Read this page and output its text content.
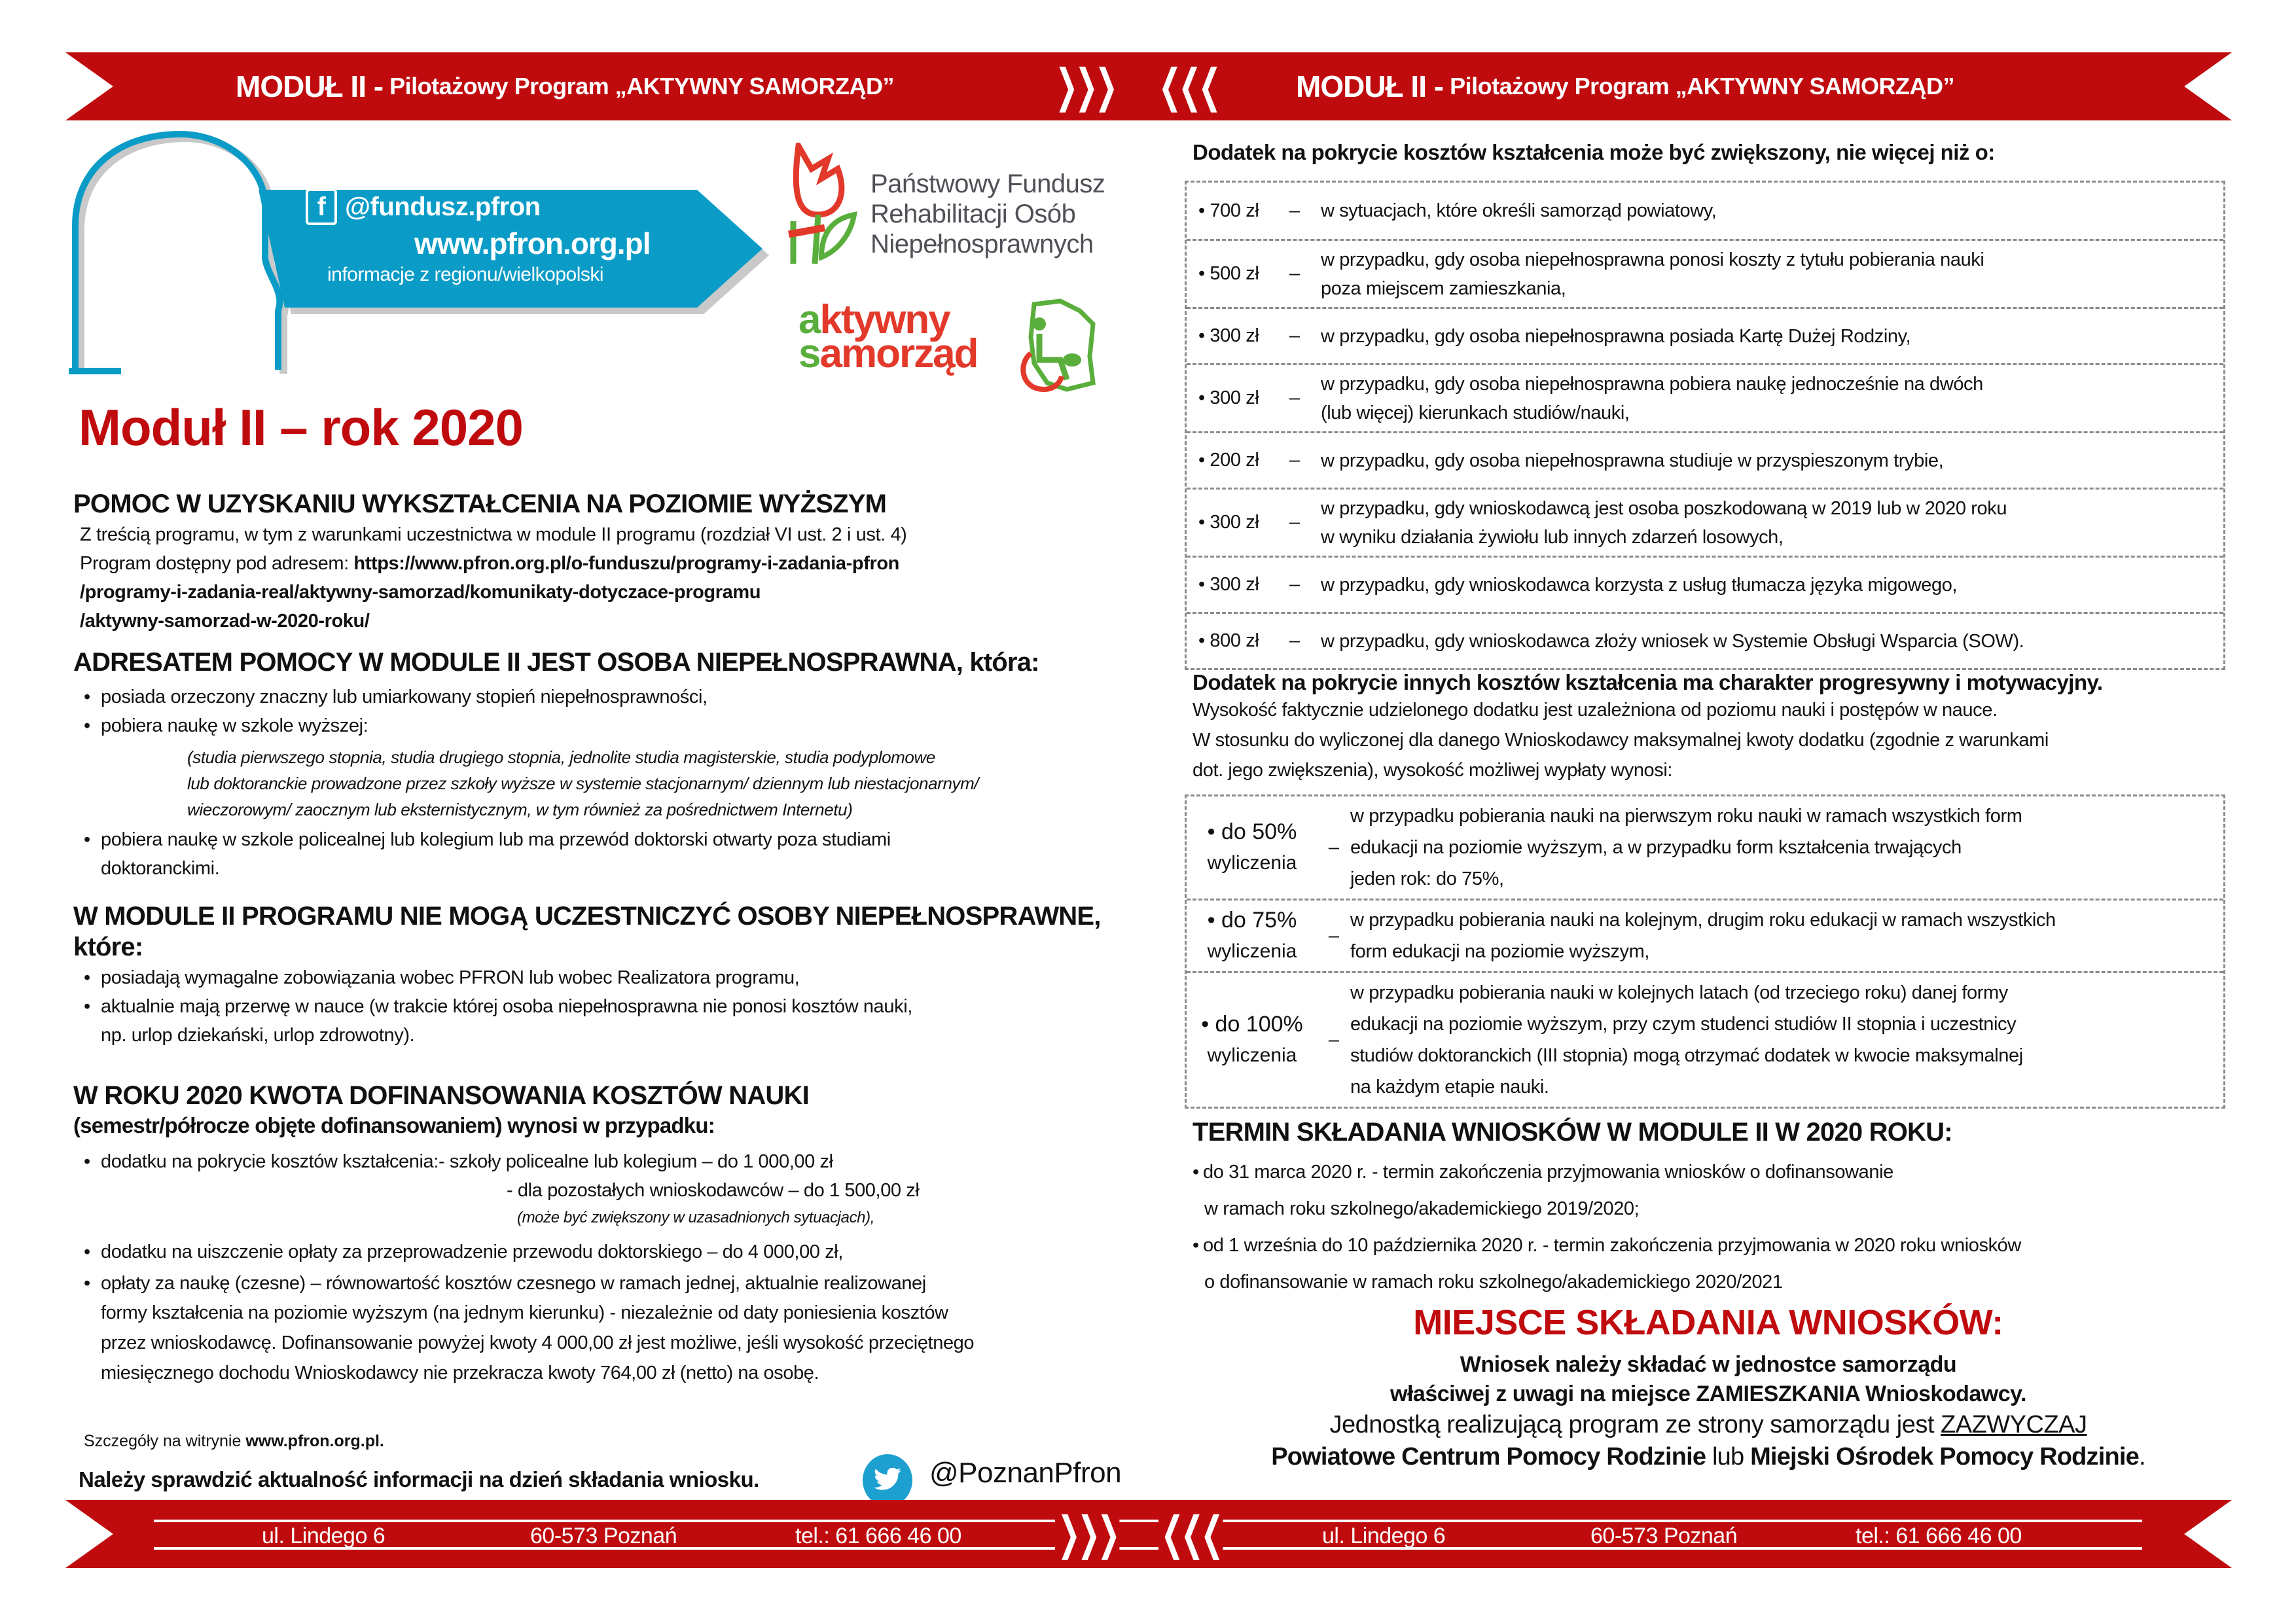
MODUŁ II - Pilotażowy Program „AKTYWNY SAMORZĄD”	❯❯❯ ❮❮❮	MODUŁ II - Pilotażowy Program „AKTYWNY SAMORZĄD”
f @fundusz.pfron
www.pfron.org.pl
informacje z regionu/wielkopolski
Państwowy Fundusz
Rehabilitacji Osób
Niepełnosprawnych
aktywny
samorząd
Moduł II – rok 2020
POMOC W UZYSKANIU WYKSZTAŁCENIA NA POZIOMIE WYŻSZYM
Z treścią programu, w tym z warunkami uczestnictwa w module II programu (rozdział VI ust. 2 i ust. 4)
Program dostępny pod adresem: https://www.pfron.org.pl/o-funduszu/programy-i-zadania-pfron
/programy-i-zadania-real/aktywny-samorzad/komunikaty-dotyczace-programu
/aktywny-samorzad-w-2020-roku/
ADRESATEM POMOCY W MODULE II JEST OSOBA NIEPEŁNOSPRAWNA, która:
• posiada orzeczony znaczny lub umiarkowany stopień niepełnosprawności,
• pobiera naukę w szkole wyższej:
(studia pierwszego stopnia, studia drugiego stopnia, jednolite studia magisterskie, studia podyplomowe
lub doktoranckie prowadzone przez szkoły wyższe w systemie stacjonarnym/ dziennym lub niestacjonarnym/
wieczorowym/ zaocznym lub eksternistycznym, w tym również za pośrednictwem Internetu)
• pobiera naukę w szkole policealnej lub kolegium lub ma przewód doktorski otwarty poza studiami
doktoranckimi.
W MODULE II PROGRAMU NIE MOGĄ UCZESTNICZYĆ OSOBY NIEPEŁNOSPRAWNE,
które:
• posiadają wymagalne zobowiązania wobec PFRON lub wobec Realizatora programu,
• aktualnie mają przerwę w nauce (w trakcie której osoba niepełnosprawna nie ponosi kosztów nauki,
np. urlop dziekański, urlop zdrowotny).
W ROKU 2020 KWOTA DOFINANSOWANIA KOSZTÓW NAUKI
(semestr/półrocze objęte dofinansowaniem) wynosi w przypadku:
• dodatku na pokrycie kosztów kształcenia: - szkoły policealne lub kolegium – do 1 000,00 zł
- dla pozostałych wnioskodawców – do 1 500,00 zł
(może być zwiększony w uzasadnionych sytuacjach),
• dodatku na uiszczenie opłaty za przeprowadzenie przewodu doktorskiego – do 4 000,00 zł,
• opłaty za naukę (czesne) – równowartość kosztów czesnego w ramach jednej, aktualnie realizowanej
formy kształcenia na poziomie wyższym (na jednym kierunku) - niezależnie od daty poniesienia kosztów
przez wnioskodawcę. Dofinansowanie powyżej kwoty 4 000,00 zł jest możliwe, jeśli wysokość przeciętnego
miesięcznego dochodu Wnioskodawcy nie przekracza kwoty 764,00 zł (netto) na osobę.
Szczegóły na witrynie www.pfron.org.pl.
Należy sprawdzić aktualność informacji na dzień składania wniosku.	@PoznanPfron
Dodatek na pokrycie kosztów kształcenia może być zwiększony, nie więcej niż o:
• 700 zł	–	w sytuacjach, które określi samorząd powiatowy,
• 500 zł	–
w przypadku, gdy osoba niepełnosprawna ponosi koszty z tytułu pobierania nauki
poza miejscem zamieszkania,
• 300 zł	–	w przypadku, gdy osoba niepełnosprawna posiada Kartę Dużej Rodziny,
• 300 zł	–
w przypadku, gdy osoba niepełnosprawna pobiera naukę jednocześnie na dwóch
(lub więcej) kierunkach studiów/nauki,
• 200 zł	–	w przypadku, gdy osoba niepełnosprawna studiuje w przyspieszonym trybie,
• 300 zł	–
w przypadku, gdy wnioskodawcą jest osoba poszkodowaną w 2019 lub w 2020 roku
w wyniku działania żywiołu lub innych zdarzeń losowych,
• 300 zł	–	w przypadku, gdy wnioskodawca korzysta z usług tłumacza języka migowego,
• 800 zł	–	w przypadku, gdy wnioskodawca złoży wniosek w Systemie Obsługi Wsparcia (SOW).
Dodatek na pokrycie innych kosztów kształcenia ma charakter progresywny i motywacyjny.
Wysokość faktycznie udzielonego dodatku jest uzależniona od poziomu nauki i postępów w nauce.
W stosunku do wyliczonej dla danego Wnioskodawcy maksymalnej kwoty dodatku (zgodnie z warunkami
dot. jego zwiększenia), wysokość możliwej wypłaty wynosi:
• do 50%
wyliczenia
–
w przypadku pobierania nauki na pierwszym roku nauki w ramach wszystkich form
edukacji na poziomie wyższym, a w przypadku form kształcenia trwających
jeden rok: do 75%,
• do 75%
wyliczenia
–
w przypadku pobierania nauki na kolejnym, drugim roku edukacji w ramach wszystkich
form edukacji na poziomie wyższym,
• do 100%
wyliczenia
–
w przypadku pobierania nauki w kolejnych latach (od trzeciego roku) danej formy
edukacji na poziomie wyższym, przy czym studenci studiów II stopnia i uczestnicy
studiów doktoranckich (III stopnia) mogą otrzymać dodatek w kwocie maksymalnej
na każdym etapie nauki.
TERMIN SKŁADANIA WNIOSKÓW W MODULE II W 2020 ROKU:
• do 31 marca 2020 r. - termin zakończenia przyjmowania wniosków o dofinansowanie
w ramach roku szkolnego/akademickiego 2019/2020;
• od 1 września do 10 października 2020 r. - termin zakończenia przyjmowania w 2020 roku wniosków
o dofinansowanie w ramach roku szkolnego/akademickiego 2020/2021
MIEJSCE SKŁADANIA WNIOSKÓW:
Wniosek należy składać w jednostce samorządu
właściwej z uwagi na miejsce ZAMIESZKANIA Wnioskodawcy.
Jednostką realizującą program ze strony samorządu jest ZAZWYCZAJ
Powiatowe Centrum Pomocy Rodzinie lub Miejski Ośrodek Pomocy Rodzinie.
ul. Lindego 6	60-573 Poznań	tel.: 61 666 46 00 ❯❯❯ ❮❮❮	ul. Lindego 6	60-573 Poznań	tel.: 61 666 46 00
